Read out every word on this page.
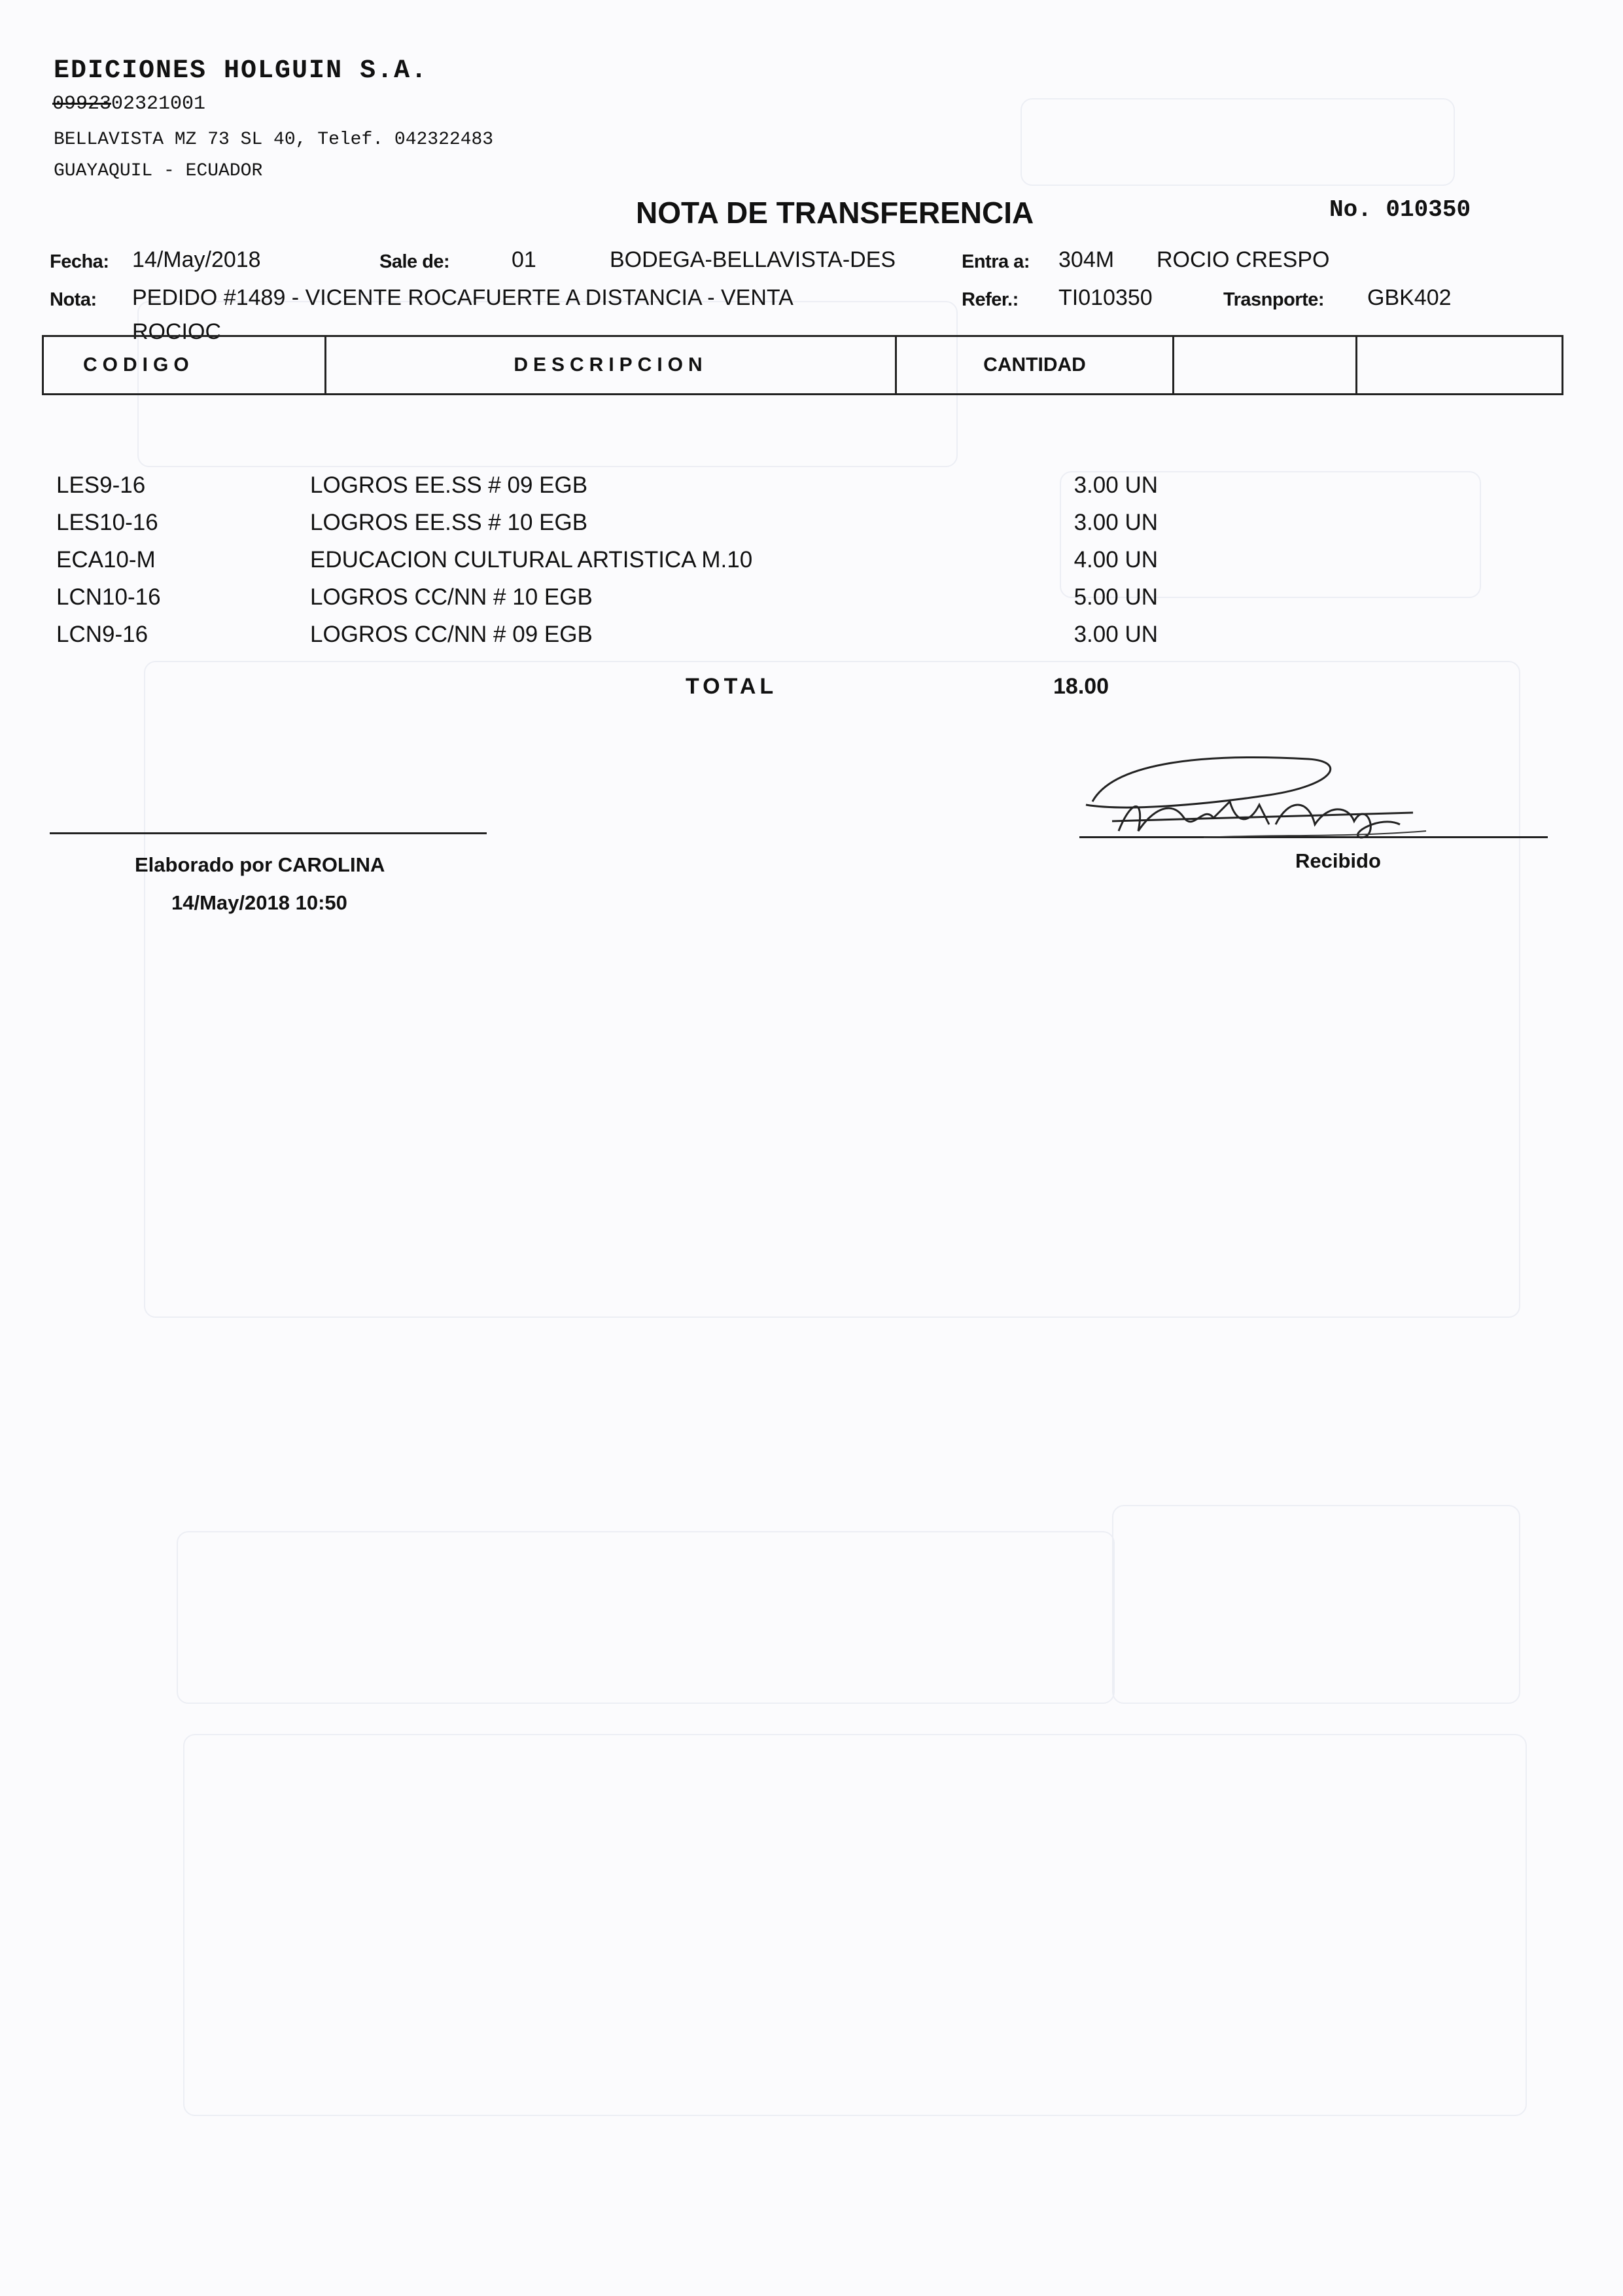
EDICIONES HOLGUIN S.A.
0992302321001
BELLAVISTA MZ 73 SL 40, Telef. 042322483
GUAYAQUIL - ECUADOR
NOTA DE TRANSFERENCIA	No. 010350
Fecha: 14/May/2018	Sale de:	01	BODEGA-BELLAVISTA-DES	Entra a: 304M ROCIO CRESPO
Nota: PEDIDO #1489 - VICENTE ROCAFUERTE A DISTANCIA - VENTA
ROCIOC
Refer.: TI010350	Trasnporte: GBK402
CODIGO	DESCRIPCION	CANTIDAD
LES9-16	LOGROS EE.SS # 09 EGB	3.00 UN
LES10-16	LOGROS EE.SS # 10 EGB	3.00 UN
ECA10-M	EDUCACION CULTURAL ARTISTICA M.10	4.00 UN
LCN10-16	LOGROS CC/NN # 10 EGB	5.00 UN
LCN9-16	LOGROS CC/NN # 09 EGB	3.00 UN
TOTAL	18.00
Elaborado por CAROLINA
14/May/2018 10:50
Recibido
